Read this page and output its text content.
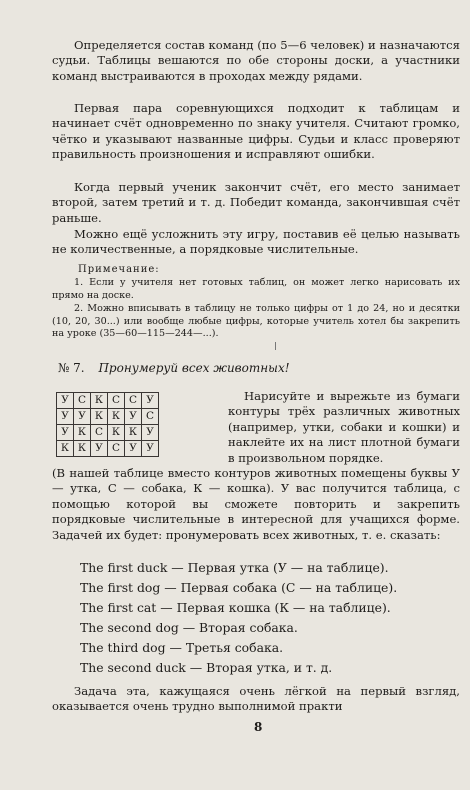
Определяется состав команд (по 5—6 человек) и назначаются судьи. Таблицы вешаются по обе стороны доски, а участники команд выстраиваются в проходах между рядами.

Первая пара соревнующихся подходит к таблицам и начинает счёт одновременно по знаку учителя. Считают громко, чётко и указывают названные цифры. Судьи и класс проверяют правильность произношения и исправляют ошибки.

Когда первый ученик закончит счёт, его место занимает второй, затем третий и т. д. Победит команда, закончившая счёт раньше.

Можно ещё усложнить эту игру, поставив её целью называть не количественные, а порядковые числительные.

Примечание:

1. Если у учителя нет готовых таблиц, он может легко нарисовать их прямо на доске.

2. Можно вписывать в таблицу не только цифры от 1 до 24, но и десятки (10, 20, 30...) или вообще любые цифры, которые учитель хотел бы закрепить на уроке (35—60—115—244—...).

№ 7. Пронумеруй всех животных!
У	С	К	С	С	У
У	У	К	К	У	С
У	К	С	К	К	У
К	К	У	С	У	У

Нарисуйте и вырежьте из бумаги контуры трёх различных животных (например, утки, собаки и кошки) и наклейте их на лист плотной бумаги в произвольном порядке.

(В нашей таблице вместо контуров животных помещены буквы У — утка, С — собака, К — кошка). У вас получится таблица, с помощью которой вы сможете повторить и закрепить порядковые числительные в интересной для учащихся форме. Задачей их будет: пронумеровать всех животных, т. е. сказать:

The first duck — Первая утка (У — на таблице).
The first dog — Первая собака (С — на таблице).
The first cat — Первая кошка (К — на таблице).
The second dog — Вторая собака.
The third dog — Третья собака.
The second duck — Вторая утка, и т. д.

Задача эта, кажущаяся очень лёгкой на первый взгляд, оказывается очень трудно выполнимой практи

8
